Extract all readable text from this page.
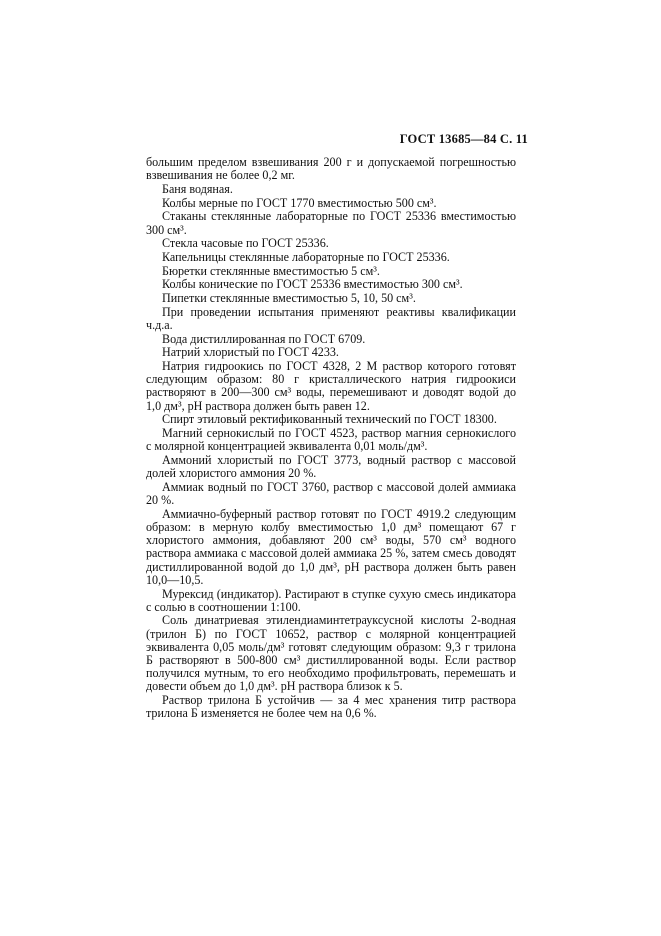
ГОСТ 13685—84 С. 11

большим пределом взвешивания 200 г и допускаемой погрешностью взвешивания не более 0,2 мг.

Баня водяная.

Колбы мерные по ГОСТ 1770 вместимостью 500 см³.

Стаканы стеклянные лабораторные по ГОСТ 25336 вместимостью 300 см³.

Стекла часовые по ГОСТ 25336.

Капельницы стеклянные лабораторные по ГОСТ 25336.

Бюретки стеклянные вместимостью 5 см³.

Колбы конические по ГОСТ 25336 вместимостью 300 см³.

Пипетки стеклянные вместимостью 5, 10, 50 см³.

При проведении испытания применяют реактивы квалификации ч.д.а.

Вода дистиллированная по ГОСТ 6709.

Натрий хлористый по ГОСТ 4233.

Натрия гидроокись по ГОСТ 4328, 2 М раствор которого готовят следующим образом: 80 г кристаллического натрия гидроокиси растворяют в 200—300 см³ воды, перемешивают и доводят водой до 1,0 дм³, рН раствора должен быть равен 12.

Спирт этиловый ректификованный технический по ГОСТ 18300.

Магний сернокислый по ГОСТ 4523, раствор магния сернокислого с молярной концентрацией эквивалента 0,01 моль/дм³.

Аммоний хлористый по ГОСТ 3773, водный раствор с массовой долей хлористого аммония 20 %.

Аммиак водный по ГОСТ 3760, раствор с массовой долей аммиака 20 %.

Аммиачно-буферный раствор готовят по ГОСТ 4919.2 следующим образом: в мерную колбу вместимостью 1,0 дм³ помещают 67 г хлористого аммония, добавляют 200 см³ воды, 570 см³ водного раствора аммиака с массовой долей аммиака 25 %, затем смесь доводят дистиллированной водой до 1,0 дм³, рН раствора должен быть равен 10,0—10,5.

Мурексид (индикатор). Растирают в ступке сухую смесь индикатора с солью в соотношении 1:100.

Соль динатриевая этилендиаминтетрауксусной кислоты 2-водная (трилон Б) по ГОСТ 10652, раствор с молярной концентрацией эквивалента 0,05 моль/дм³ готовят следующим образом: 9,3 г трилона Б растворяют в 500-800 см³ дистиллированной воды. Если раствор получился мутным, то его необходимо профильтровать, перемешать и довести объем до 1,0 дм³. рН раствора близок к 5.

Раствор трилона Б устойчив — за 4 мес хранения титр раствора трилона Б изменяется не более чем на 0,6 %.
